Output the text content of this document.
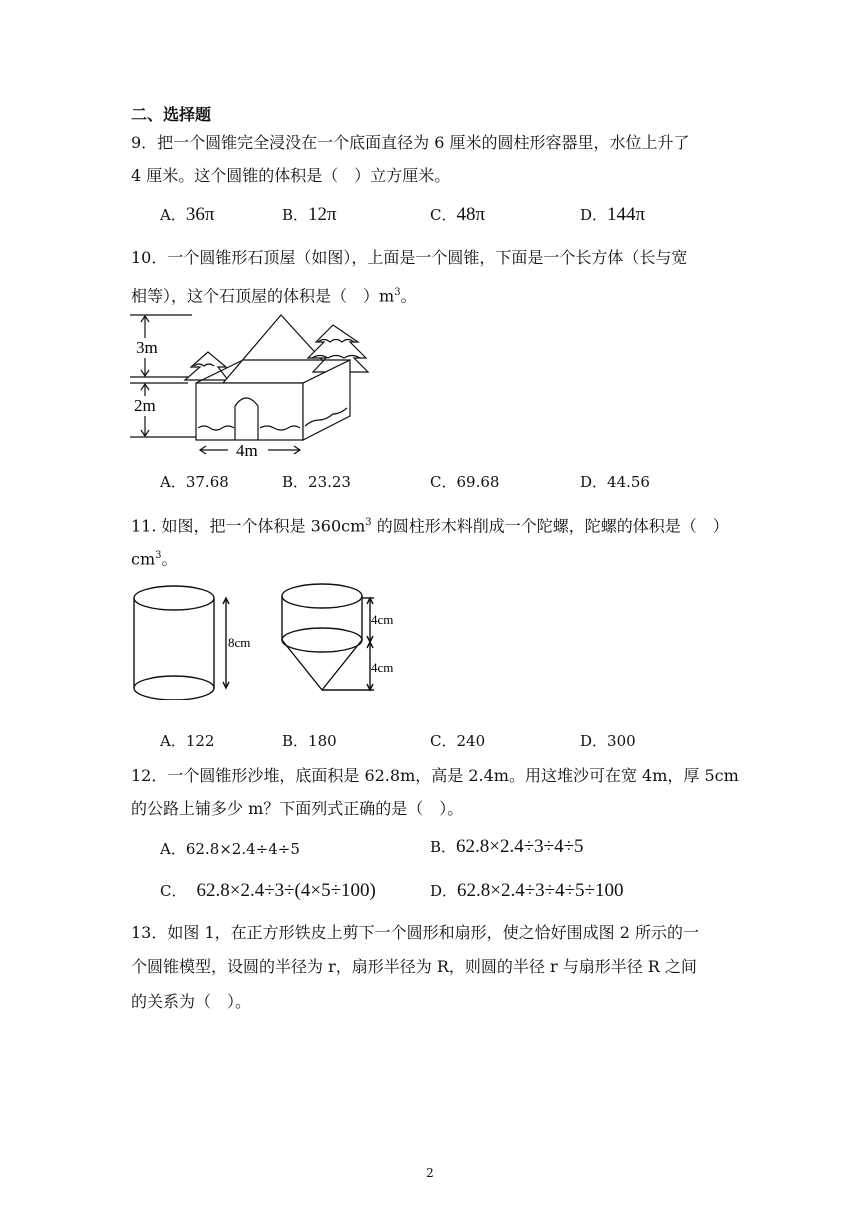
二、选择题
9．把一个圆锥完全浸没在一个底面直径为 6 厘米的圆柱形容器里，水位上升了
4 厘米。这个圆锥的体积是（　）立方厘米。
A．36π	B．12π	C．48π	D．144π
10．一个圆锥形石顶屋（如图），上面是一个圆锥，下面是一个长方体（长与宽
相等），这个石顶屋的体积是（　）$m^3$。
3m
2m
4m
A．37.68	B．23.23	C．69.68	D．44.56
11. 如图，把一个体积是 $360cm^3$ 的圆柱形木料削成一个陀螺，陀螺的体积是（　）
$cm^3$。
8cm
4cm
4cm
A．122	B．180	C．240	D．300
12．一个圆锥形沙堆，底面积是 62.8m，高是 2.4m。用这堆沙可在宽 4m，厚 5cm
的公路上铺多少 m？下面列式正确的是（　）。
A．62.8×2.4÷4÷5	B．62.8×2.4÷3÷4÷5
C． 62.8×2.4÷3÷(4×5÷100)	D．62.8×2.4÷3÷4÷5÷100
13．如图 1，在正方形铁皮上剪下一个圆形和扇形，使之恰好围成图 2 所示的一
个圆锥模型，设圆的半径为 r，扇形半径为 R，则圆的半径 r 与扇形半径 R 之间
的关系为（　）。
2
